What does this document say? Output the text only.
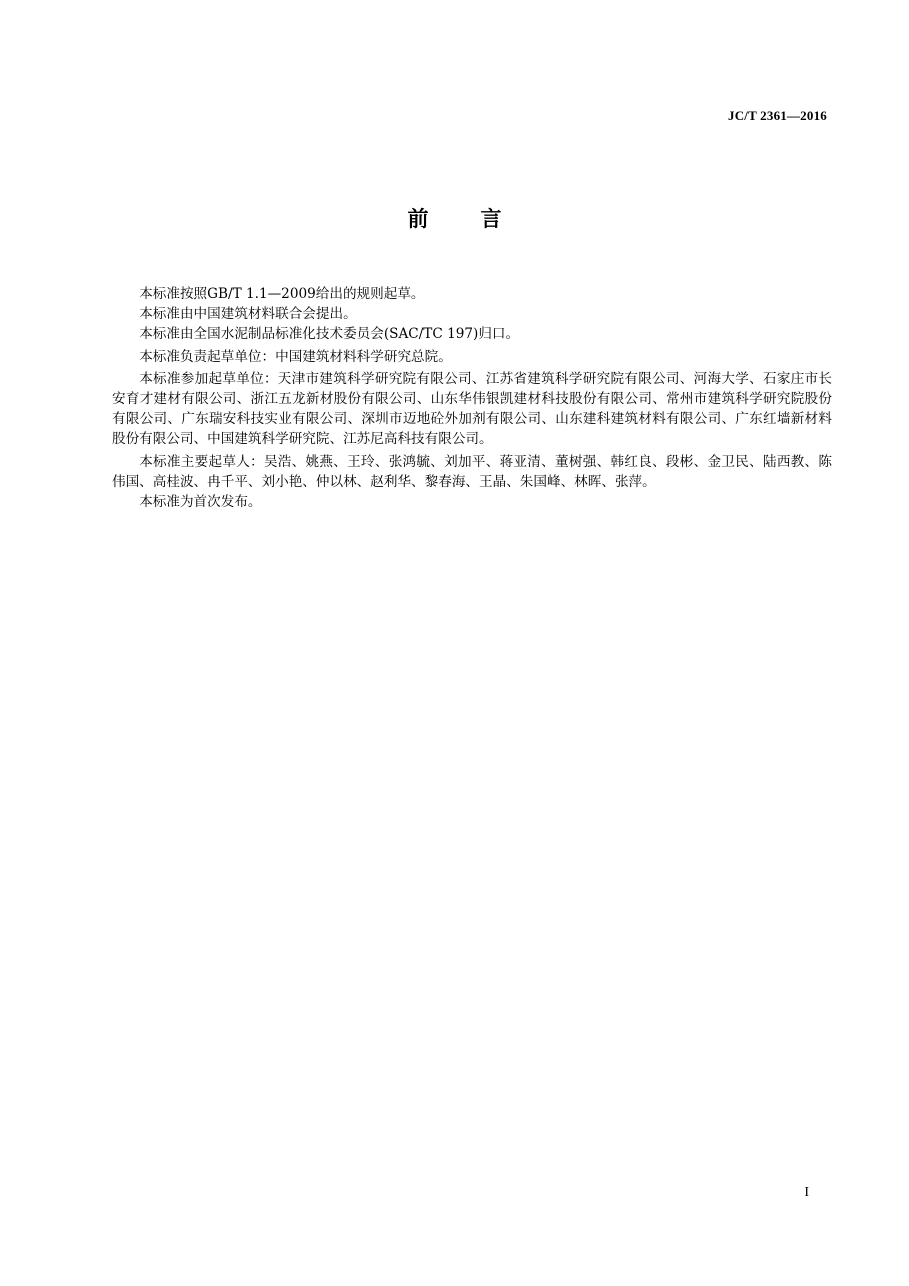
JC/T 2361—2016
前 言

本标准按照GB/T 1.1—2009给出的规则起草。

本标准由中国建筑材料联合会提出。

本标准由全国水泥制品标准化技术委员会(SAC/TC 197)归口。

本标准负责起草单位：中国建筑材料科学研究总院。

本标准参加起草单位：天津市建筑科学研究院有限公司、江苏省建筑科学研究院有限公司、河海大学、石家庄市长安育才建材有限公司、浙江五龙新材股份有限公司、山东华伟银凯建材科技股份有限公司、常州市建筑科学研究院股份有限公司、广东瑞安科技实业有限公司、深圳市迈地砼外加剂有限公司、山东建科建筑材料有限公司、广东红墙新材料股份有限公司、中国建筑科学研究院、江苏尼高科技有限公司。

本标准主要起草人：吴浩、姚燕、王玲、张鸿毓、刘加平、蒋亚清、董树强、韩红良、段彬、金卫民、陆西教、陈伟国、高桂波、冉千平、刘小艳、仲以林、赵利华、黎春海、王晶、朱国峰、林晖、张萍。

本标准为首次发布。

I
